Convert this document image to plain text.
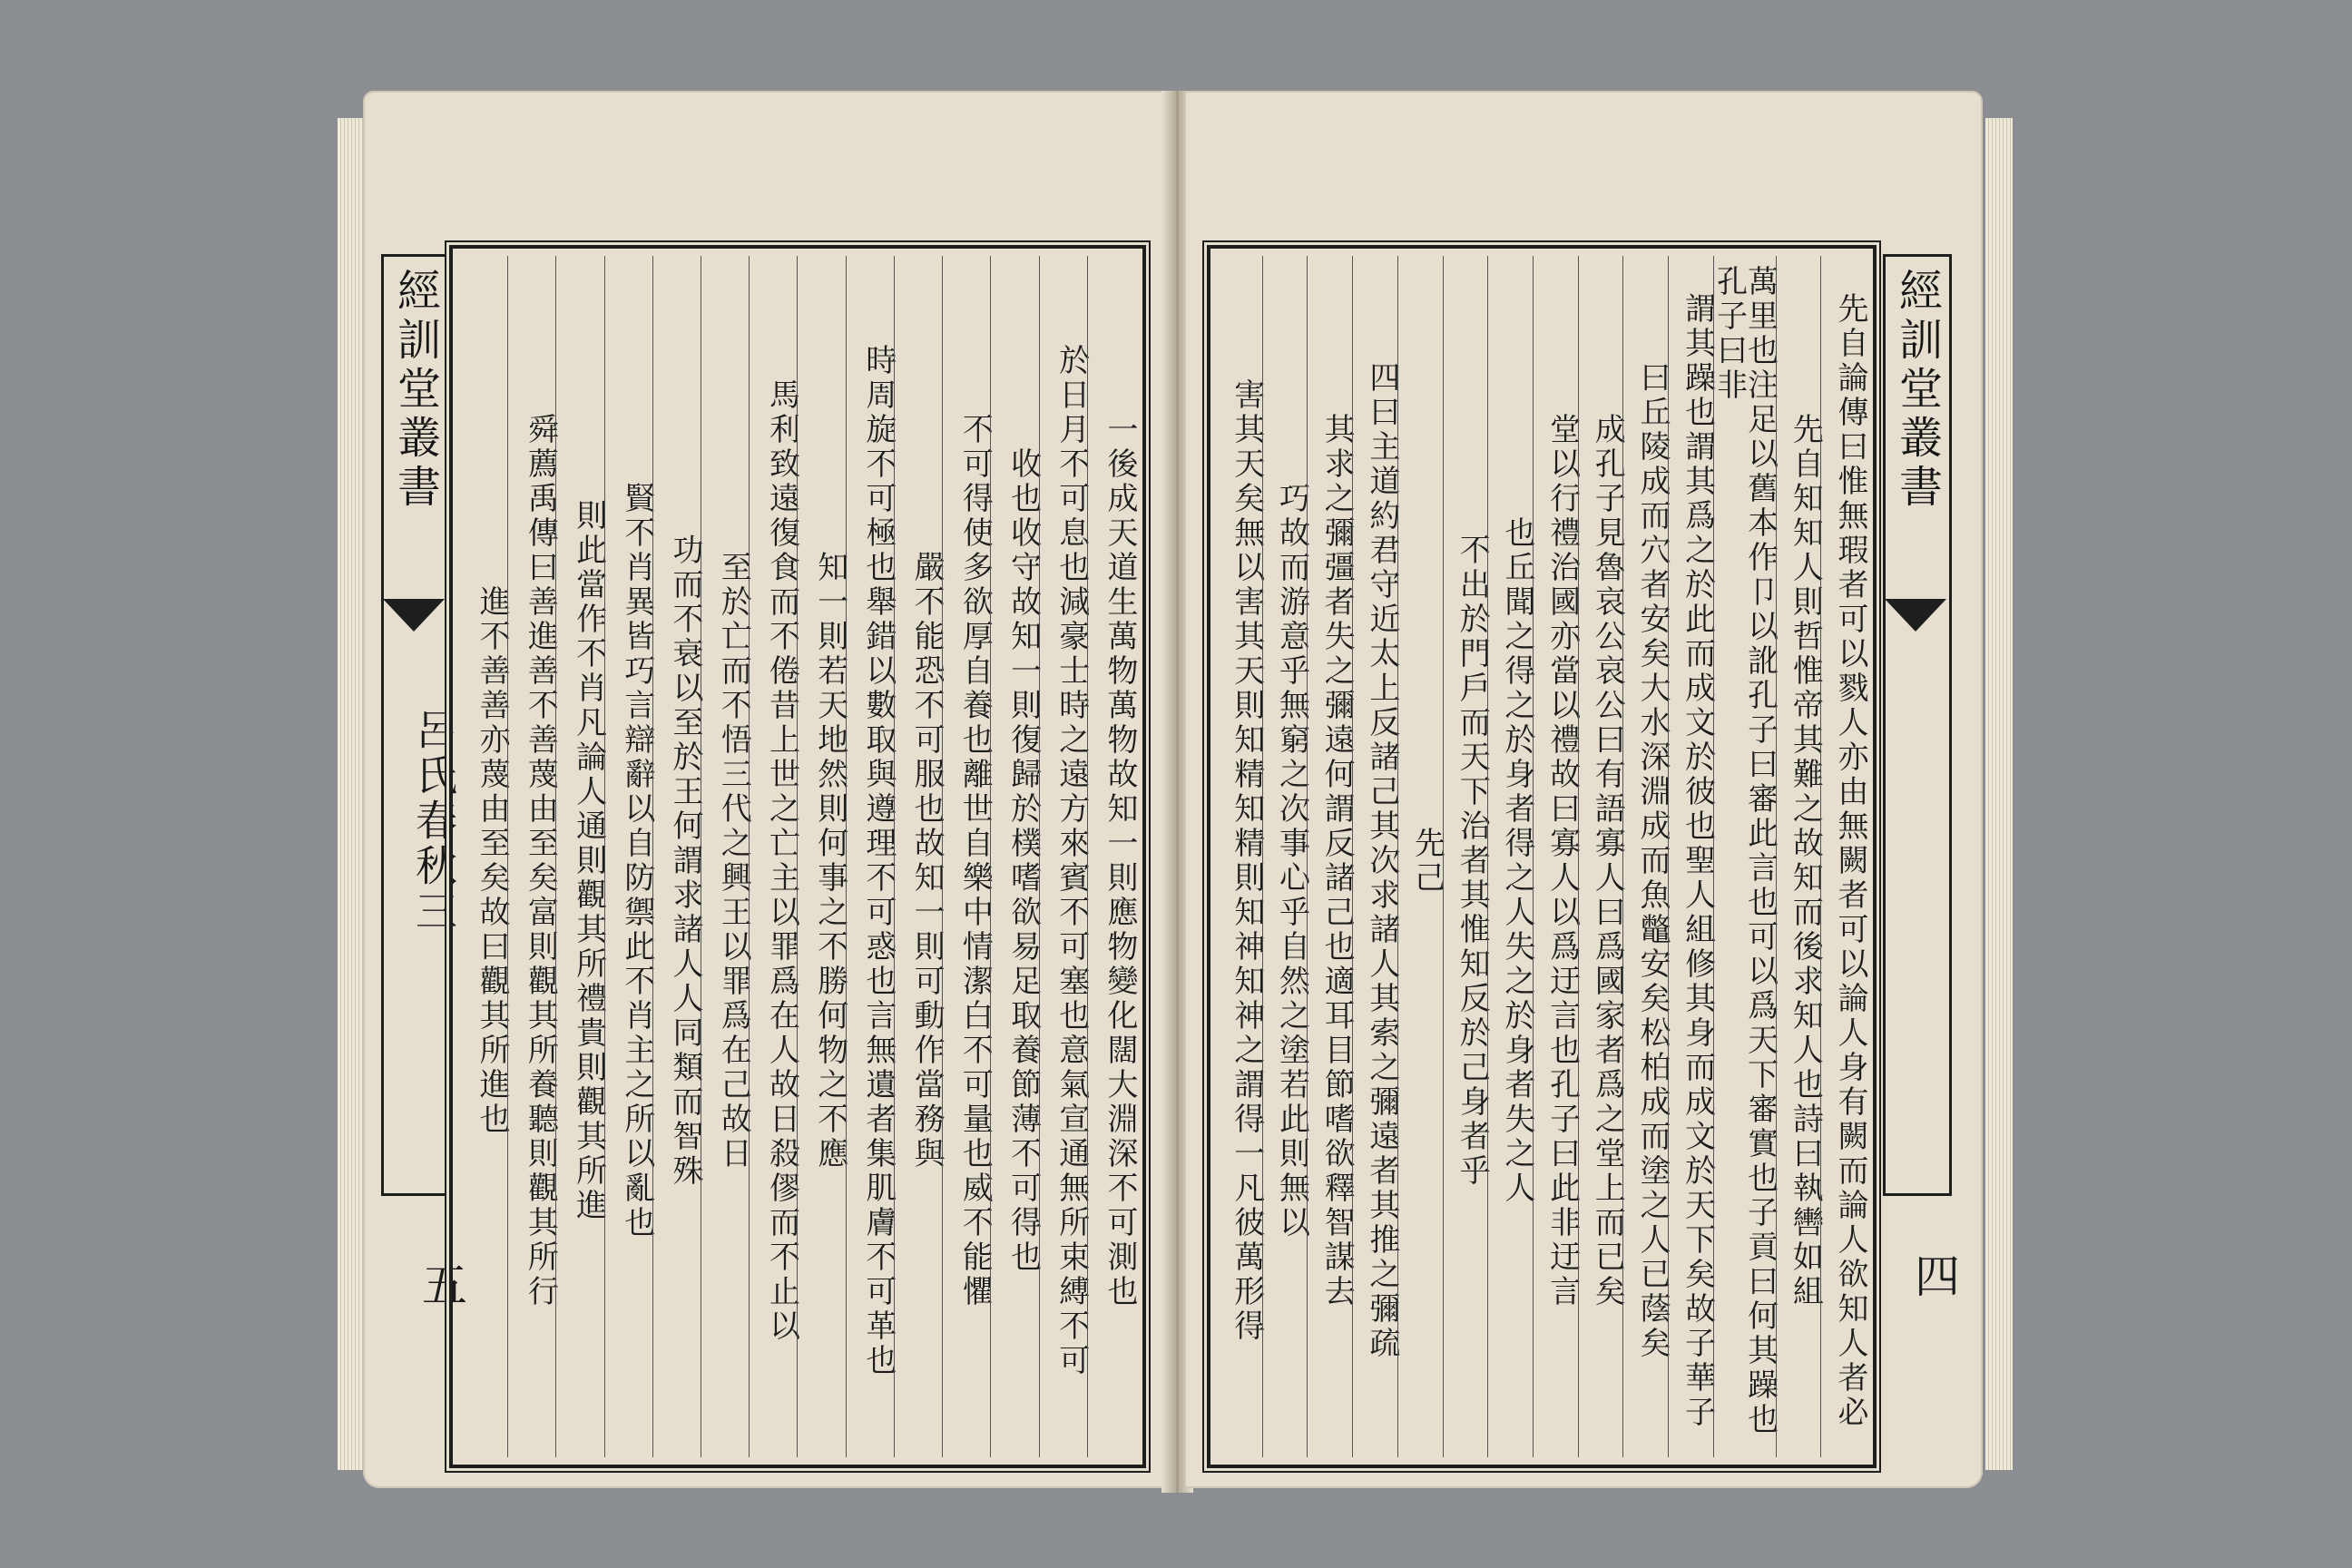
經訓堂叢書
呂氏春秋三
五	一後成天道生萬物萬物故知一則應物變化闊大淵深不可測也
於日月不可息也減豪士時之遠方來賓不可塞也意氣宣通無所束縛不可
收也收守故知一則復歸於樸嗜欲易足取養節薄不可得也
不可得使多欲厚自養也離世自樂中情潔白不可量也威不能懼
嚴不能恐不可服也故知一則可動作當務與
時周旋不可極也舉錯以數取與遵理不可惑也言無遺者集肌膚不可革也
知一則若天地然則何事之不勝何物之不應
馬利致遠復食而不倦昔上世之亡主以罪爲在人故日殺僇而不止以
至於亡而不悟三代之興王以罪爲在己故日
功而不衰以至於王何謂求諸人人同類而智殊
賢不肖異皆巧言辯辭以自防禦此不肖主之所以亂也
則此當作不肖凡論人通則觀其所禮貴則觀其所進
舜薦禹傳曰善進善不善蔑由至矣富則觀其所養聽則觀其所行
進不善善亦蔑由至矣故曰觀其所進也	先自論傳曰惟無瑕者可以戮人亦由無闕者可以論人身有闕而論人欲知人者必
先自知知人則哲惟帝其難之故知而後求知人也詩曰執轡如組
萬里也注足以舊本作卩以訛孔子曰審此言也可以爲天下審實也子貢曰何其躁也孔子曰非
謂其躁也謂其爲之於此而成文於彼也聖人組修其身而成文於天下矣故子華子
曰丘陵成而穴者安矣大水深淵成而魚鼈安矣松柏成而塗之人已蔭矣
成孔子見魯哀公哀公曰有語寡人曰爲國家者爲之堂上而已矣
堂以行禮治國亦當以禮故曰寡人以爲迂言也孔子曰此非迂言
也丘聞之得之於身者得之人失之於身者失之人
不出於門戶而天下治者其惟知反於己身者乎
先己
四曰主道約君守近太上反諸己其次求諸人其索之彌遠者其推之彌疏
其求之彌彊者失之彌遠何謂反諸己也適耳目節嗜欲釋智謀去
巧故而游意乎無窮之次事心乎自然之塗若此則無以
害其天矣無以害其天則知精知精則知神知神之謂得一凡彼萬形得	經訓堂叢書
四
